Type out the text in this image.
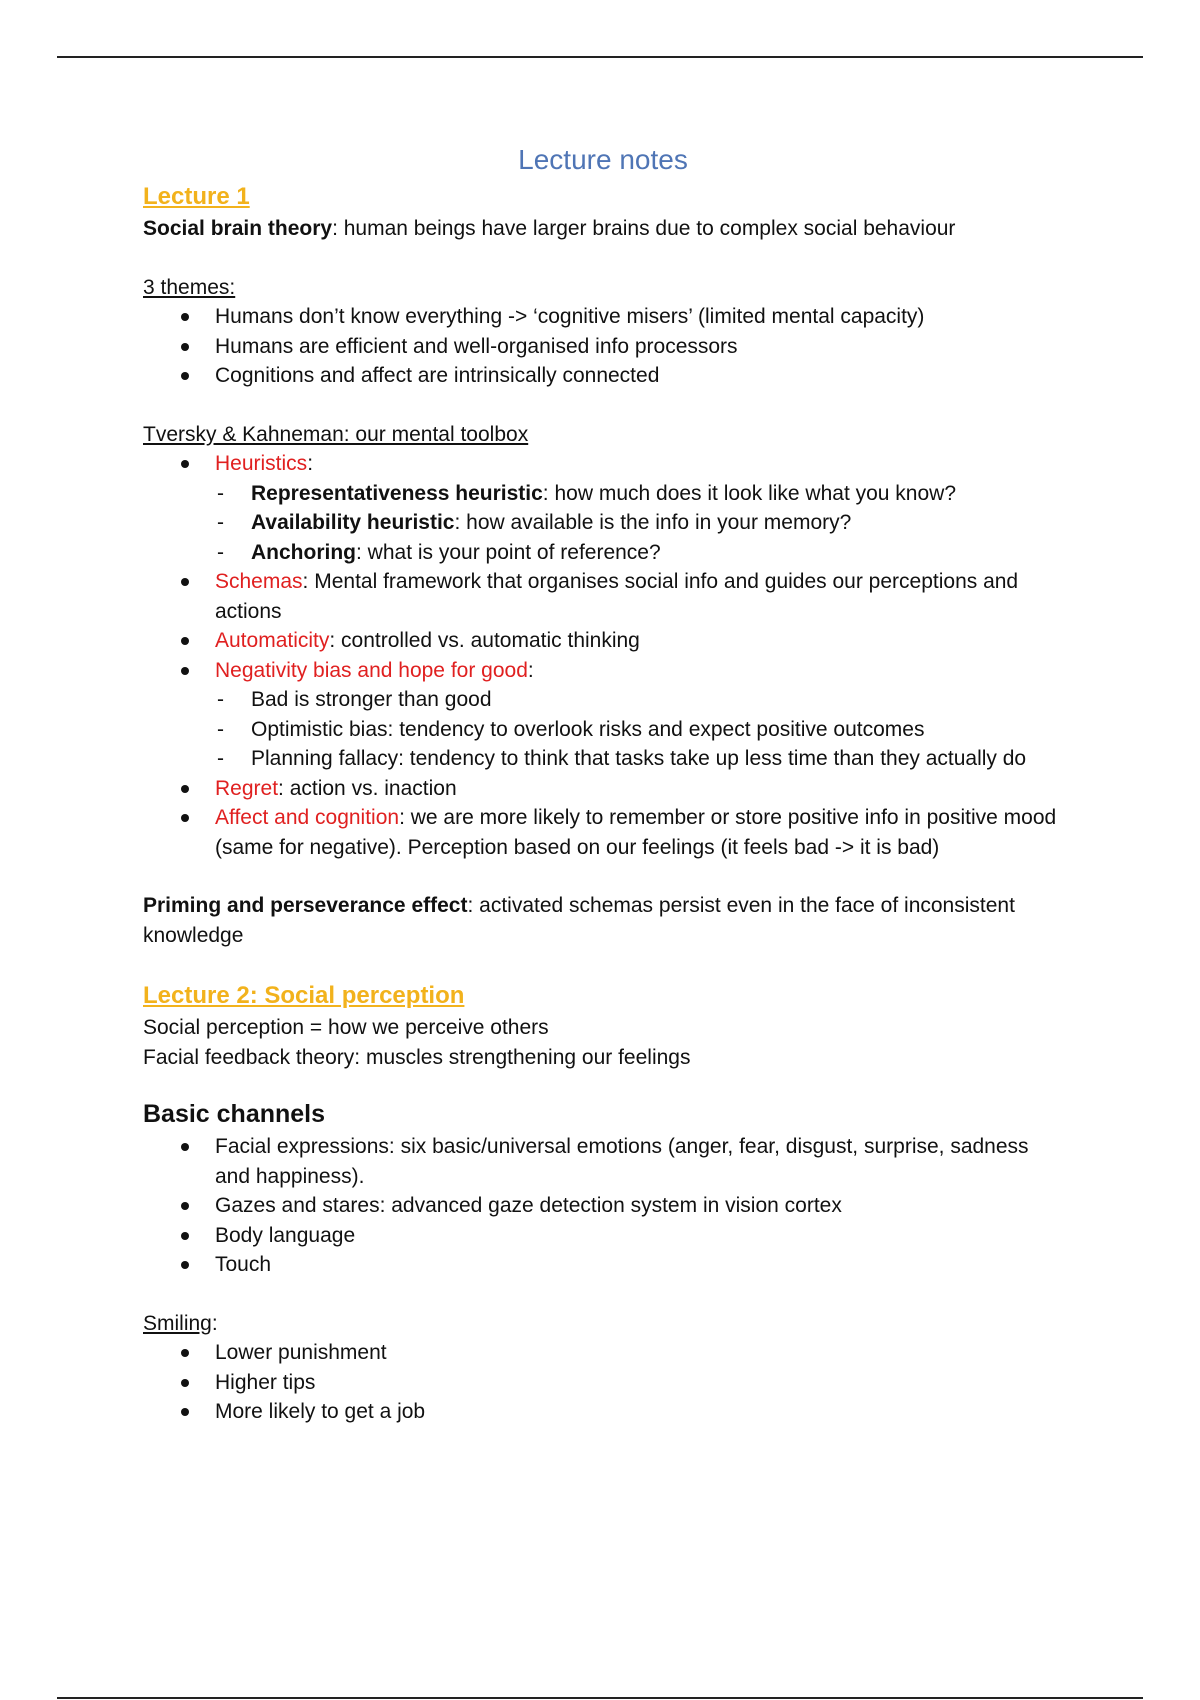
Lecture notes
Lecture 1

Social brain theory: human beings have larger brains due to complex social behaviour

3 themes:

Humans don’t know everything -> ‘cognitive misers’ (limited mental capacity)
Humans are efficient and well-organised info processors
Cognitions and affect are intrinsically connected

Tversky & Kahneman: our mental toolbox

Heuristics:
- Representativeness heuristic: how much does it look like what you know?
- Availability heuristic: how available is the info in your memory?
- Anchoring: what is your point of reference?
Schemas: Mental framework that organises social info and guides our perceptions and actions
Automaticity: controlled vs. automatic thinking
Negativity bias and hope for good:
- Bad is stronger than good
- Optimistic bias: tendency to overlook risks and expect positive outcomes
- Planning fallacy: tendency to think that tasks take up less time than they actually do
Regret: action vs. inaction
Affect and cognition: we are more likely to remember or store positive info in positive mood (same for negative). Perception based on our feelings (it feels bad -> it is bad)

Priming and perseverance effect: activated schemas persist even in the face of inconsistent knowledge

Lecture 2: Social perception

Social perception = how we perceive others

Facial feedback theory: muscles strengthening our feelings

Basic channels
Facial expressions: six basic/universal emotions (anger, fear, disgust, surprise, sadness and happiness).
Gazes and stares: advanced gaze detection system in vision cortex
Body language
Touch

Smiling:

Lower punishment
Higher tips
More likely to get a job
